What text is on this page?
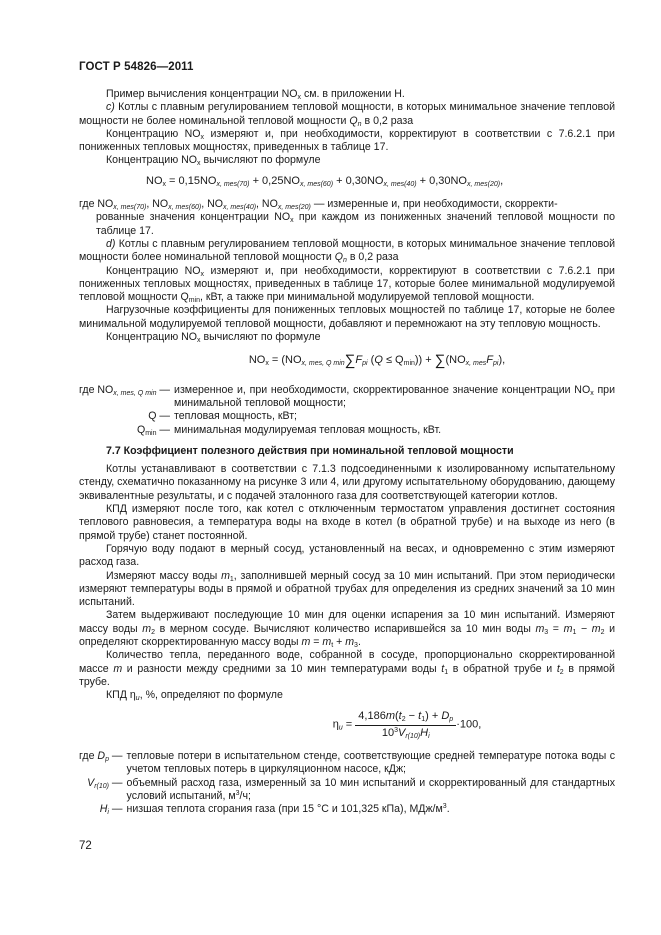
ГОСТ Р 54826—2011

Пример вычисления концентрации $NO_x$ см. в приложении Н.

с) Котлы с плавным регулированием тепловой мощности, в которых минимальное значение тепловой мощности не более номинальной тепловой мощности $Q_n$ в 0,2 раза

Концентрацию $NO_x$ измеряют и, при необходимости, корректируют в соответствии с 7.6.2.1 при пониженных тепловых мощностях, приведенных в таблице 17.

Концентрацию $NO_x$ вычисляют по формуле

$NO_x = 0,15NO_{x, mes(70)} + 0,25NO_{x, mes(60)} + 0,30NO_{x, mes(40)} + 0,30NO_{x, mes(20)}$,

где $NO_{x, mes(70)}$, $NO_{x, mes(60)}$, $NO_{x, mes(40)}$, $NO_{x, mes(20)}$ — измеренные и, при необходимости, скорректи-

рованные значения концентрации $NO_x$ при каждом из пониженных значений тепловой мощности по таблице 17.

d) Котлы с плавным регулированием тепловой мощности, в которых минимальное значение тепловой мощности более номинальной тепловой мощности $Q_n$ в 0,2 раза

Концентрацию $NO_x$ измеряют и, при необходимости, корректируют в соответствии с 7.6.2.1 при пониженных тепловых мощностях, приведенных в таблице 17, которые более минимальной модулируемой тепловой мощности $Q_{min}$, кВт, а также при минимальной модулируемой тепловой мощности.

Нагрузочные коэффициенты для пониженных тепловых мощностей по таблице 17, которые не более минимальной модулируемой тепловой мощности, добавляют и перемножают на эту тепловую мощность.

Концентрацию $NO_x$ вычисляют по формуле

$NO_x = (NO_{x, mes, Q min}\sum F_{pi}$ $(Q \le Q_{min})) + \sum(NO_{x, mes}F_{pi})$,
где $NO_{x, mes, Q min}$ — измеренное и, при необходимости, скорректированное значение концентрации $NO_x$ при минимальной тепловой мощности;
Q — тепловая мощность, кВт;
$Q_{min}$ — минимальная модулируемая тепловая мощность, кВт.
7.7 Коэффициент полезного действия при номинальной тепловой мощности

Котлы устанавливают в соответствии с 7.1.3 подсоединенными к изолированному испытательному стенду, схематично показанному на рисунке 3 или 4, или другому испытательному оборудованию, дающему эквивалентные результаты, и с подачей эталонного газа для соответствующей категории котлов.

КПД измеряют после того, как котел с отключенным термостатом управления достигнет состояния теплового равновесия, а температура воды на входе в котел (в обратной трубе) и на выходе из него (в прямой трубе) станет постоянной.

Горячую воду подают в мерный сосуд, установленный на весах, и одновременно с этим измеряют расход газа.

Измеряют массу воды $m_1$, заполнившей мерный сосуд за 10 мин испытаний. При этом периодически измеряют температуры воды в прямой и обратной трубах для определения из средних значений за 10 мин испытаний.

Затем выдерживают последующие 10 мин для оценки испарения за 10 мин испытаний. Измеряют массу воды $m_2$ в мерном сосуде. Вычисляют количество испарившейся за 10 мин воды $m_3 = m_1 - m_2$ и определяют скорректированную массу воды $m = m_t + m_3$.

Количество тепла, переданного воде, собранной в сосуде, пропорционально скорректированной массе m и разности между средними за 10 мин температурами воды $t_1$ в обратной трубе и $t_2$ в прямой трубе.

КПД $\eta_u$, %, определяют по формуле

$\eta_u = \frac{4,186m(t_2 - t_1) + D_p}{10^3V_{r(10)}H_i} \cdot 100$,
где $D_p$ — тепловые потери в испытательном стенде, соответствующие средней температуре потока воды с учетом тепловых потерь в циркуляционном насосе, кДж;
$V_{r(10)}$ — объемный расход газа, измеренный за 10 мин испытаний и скорректированный для стандартных условий испытаний, $м^3/ч$;
$H_i$ — низшая теплота сгорания газа (при 15 °С и 101,325 кПа), МДж/$м^3$.
72
